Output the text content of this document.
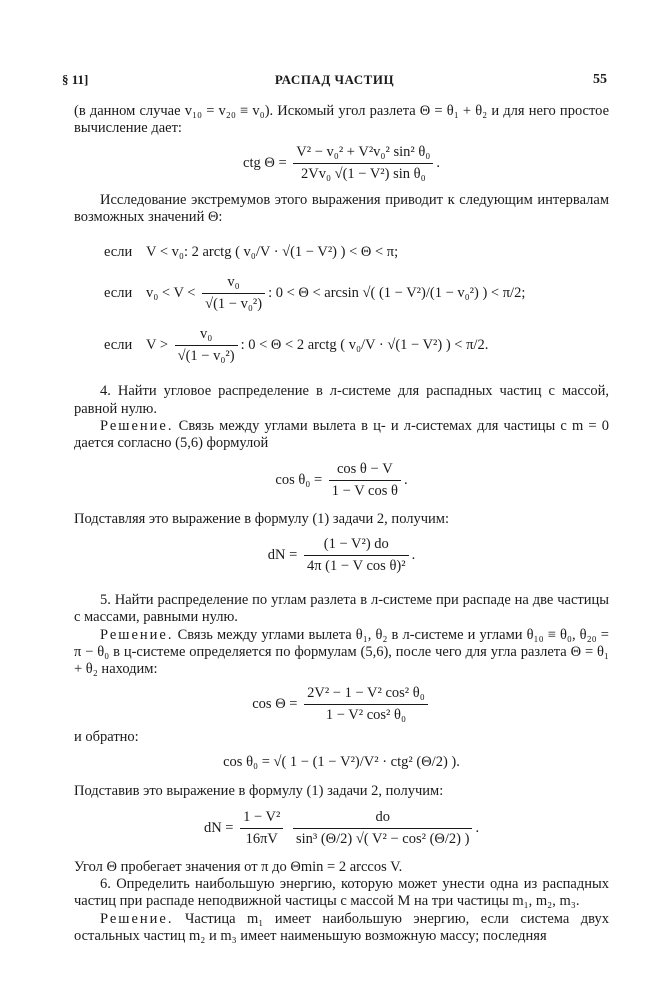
§ 11]	РАСПАД ЧАСТИЦ	55

(в данном случае v₁₀ = v₂₀ ≡ v₀). Искомый угол разлета Θ = θ₁ + θ₂ и для него простое вычисление дает:

ctg $\Theta = \frac{\text{V² − v₀² + V²v₀² sin² θ₀}}{\text{2Vv₀ √(1 − V²) sin θ₀}}$ .

Исследование экстремумов этого выражения приводит к следующим интервалам возможных значений Θ:

если V < v₀: 2 arctg ( v₀/V · √(1 − V²) ) < Θ < π;
если $v_0 < V < \frac{\text{v₀}}{\text{√(1 − v₀²)}}$ : 0 < Θ < arcsin √( (1 − V²)/(1 − v₀²) ) < π/2;
если $V > \frac{\text{v₀}}{\text{√(1 − v₀²)}}$ : 0 < Θ < 2 arctg ( v₀/V · √(1 − V²) ) < π/2.

4. Найти угловое распределение в л-системе для распадных частиц с массой, равной нулю.

Решение. Связь между углами вылета в ц- и л-системах для частицы с m = 0 дается согласно (5,6) формулой

$\cos \theta_0 = \frac{\text{cos θ − V}}{\text{1 − V cos θ}}$ .

Подставляя это выражение в формулу (1) задачи 2, получим:

dN = $\frac{\text{(1 − V²) do}}{\text{4π (1 − V cos θ)²}}$ .

5. Найти распределение по углам разлета в л-системе при распаде на две частицы с массами, равными нулю.

Решение. Связь между углами вылета θ₁, θ₂ в л-системе и углами θ₁₀ ≡ θ₀, θ₂₀ = π − θ₀ в ц-системе определяется по формулам (5,6), после чего для угла разлета Θ = θ₁ + θ₂ находим:

$\cos \Theta = \frac{\text{2V² − 1 − V² cos² θ₀}}{\text{1 − V² cos² θ₀}}$

и обратно:

cos θ₀ = √( 1 − (1 − V²)/V² · ctg² (Θ/2) ).

Подставив это выражение в формулу (1) задачи 2, получим:

dN = $\frac{\text{1 − V²}}{16\pi V}$
$\frac{do}{\text{sin³ (Θ/2) √( V² − cos² (Θ/2) )}}$ .

Угол Θ пробегает значения от π до Θmin = 2 arccos V.

6. Определить наибольшую энергию, которую может унести одна из распадных частиц при распаде неподвижной частицы с массой M на три частицы m₁, m₂, m₃.

Решение. Частица m₁ имеет наибольшую энергию, если система двух остальных частиц m₂ и m₃ имеет наименьшую возможную массу; последняя
